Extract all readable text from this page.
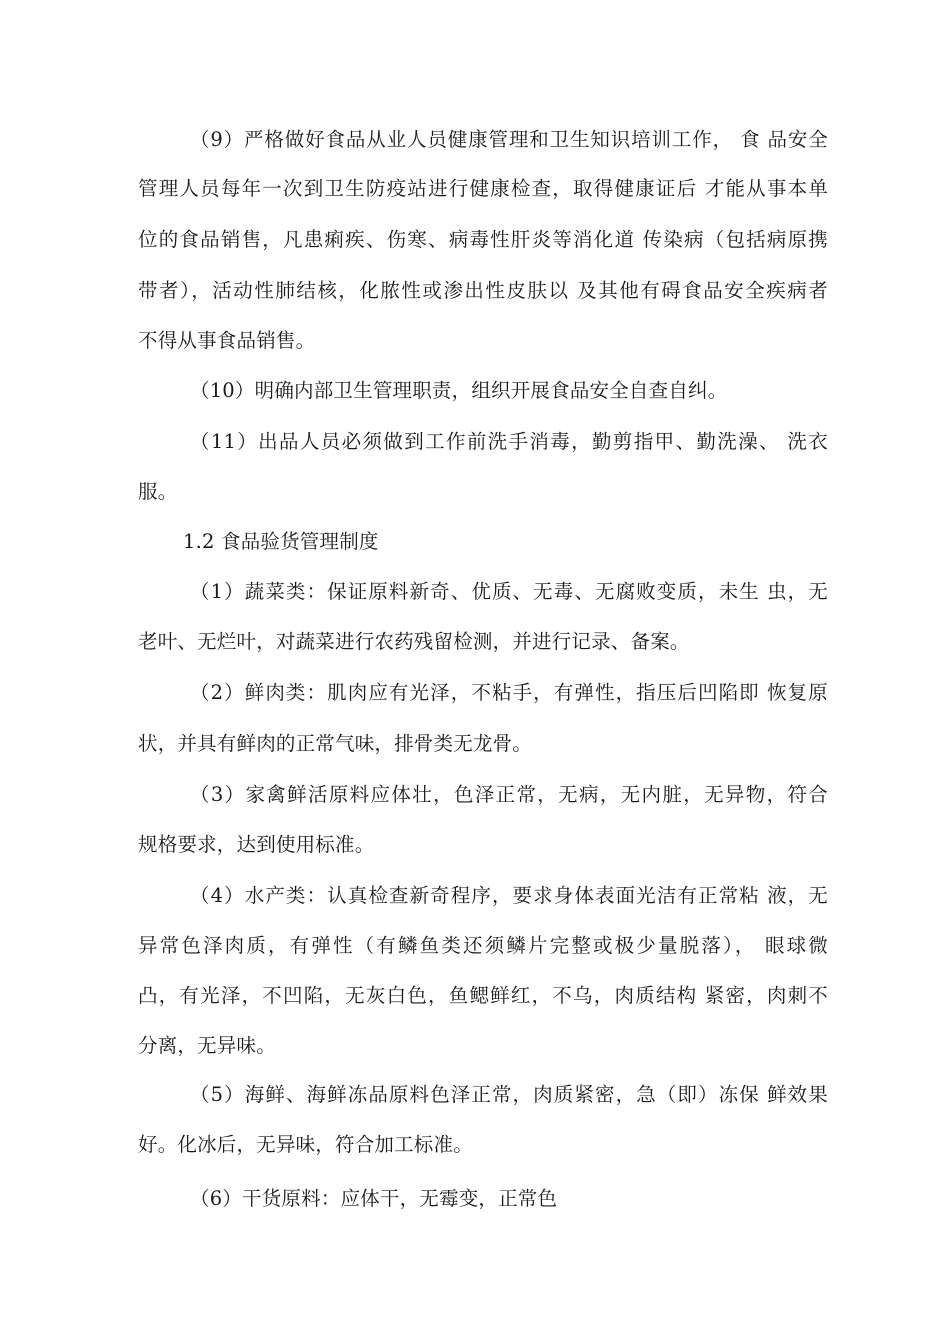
（9）严格做好食品从业人员健康管理和卫生知识培训工作， 食 品安全
管理人员每年一次到卫生防疫站进行健康检查，取得健康证后 才能从事本单
位的食品销售，凡患痢疾、伤寒、病毒性肝炎等消化道 传染病（包括病原携
带者），活动性肺结核，化脓性或渗出性皮肤以 及其他有碍食品安全疾病者
不得从事食品销售。
（10）明确内部卫生管理职责，组织开展食品安全自查自纠。
（11）出品人员必须做到工作前洗手消毒，勤剪指甲、勤洗澡、 洗衣
服。
1.2 食品验货管理制度
（1）蔬菜类：保证原料新奇、优质、无毒、无腐败变质，未生 虫，无
老叶、无烂叶，对蔬菜进行农药残留检测，并进行记录、备案。
（2）鲜肉类：肌肉应有光泽，不粘手，有弹性，指压后凹陷即 恢复原
状，并具有鲜肉的正常气味，排骨类无龙骨。
（3）家禽鲜活原料应体壮，色泽正常，无病，无内脏，无异物，符合
规格要求，达到使用标准。
（4）水产类：认真检查新奇程序，要求身体表面光洁有正常粘 液，无
异常色泽肉质，有弹性（有鳞鱼类还须鳞片完整或极少量脱落）， 眼球微
凸，有光泽，不凹陷，无灰白色，鱼鳃鲜红，不乌，肉质结构 紧密，肉刺不
分离，无异味。
（5）海鲜、海鲜冻品原料色泽正常，肉质紧密，急（即）冻保 鲜效果
好。化冰后，无异味，符合加工标准。
（6）干货原料：应体干，无霉变，正常色
